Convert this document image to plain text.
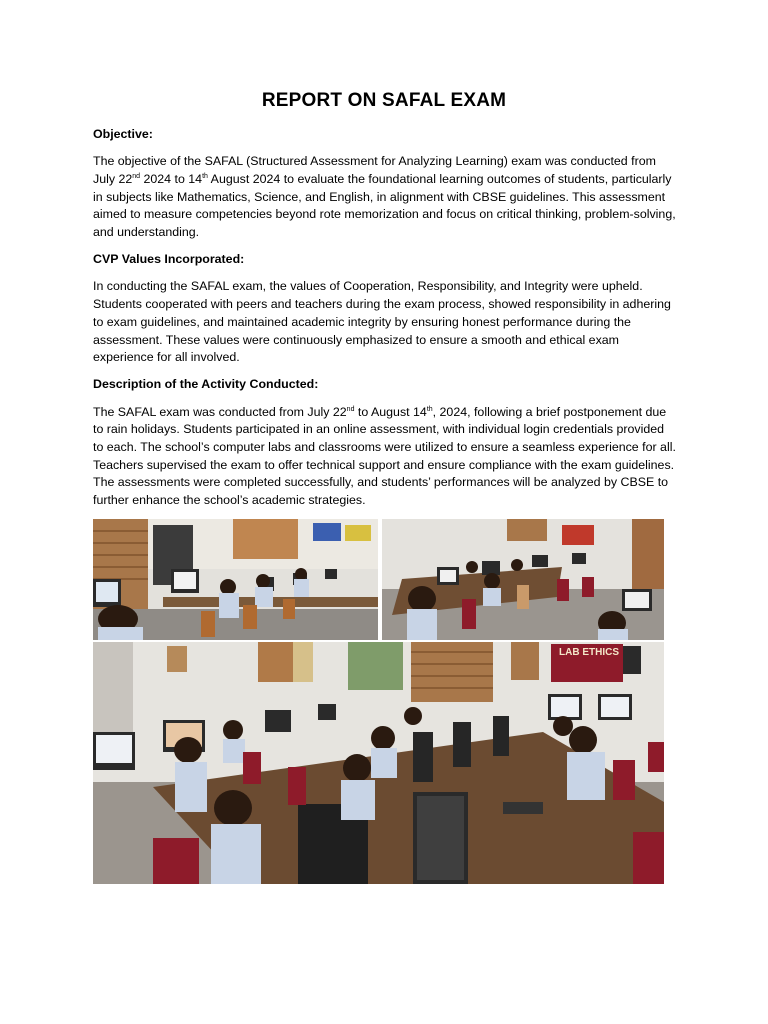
REPORT ON SAFAL EXAM

Objective:

The objective of the SAFAL (Structured Assessment for Analyzing Learning) exam was conducted from July 22nd 2024 to 14th August 2024 to evaluate the foundational learning outcomes of students, particularly in subjects like Mathematics, Science, and English, in alignment with CBSE guidelines. This assessment aimed to measure competencies beyond rote memorization and focus on critical thinking, problem-solving, and understanding.

CVP Values Incorporated:

In conducting the SAFAL exam, the values of Cooperation, Responsibility, and Integrity were upheld. Students cooperated with peers and teachers during the exam process, showed responsibility in adhering to exam guidelines, and maintained academic integrity by ensuring honest performance during the assessment. These values were continuously emphasized to ensure a smooth and ethical exam experience for all involved.

Description of the Activity Conducted:

The SAFAL exam was conducted from July 22nd to August 14th, 2024, following a brief postponement due to rain holidays. Students participated in an online assessment, with individual login credentials provided to each. The school’s computer labs and classrooms were utilized to ensure a seamless experience for all. Teachers supervised the exam to offer technical support and ensure compliance with the exam guidelines. The assessments were completed successfully, and students’ performances will be analyzed by CBSE to further enhance the school’s academic strategies.

LAB ETHICS
